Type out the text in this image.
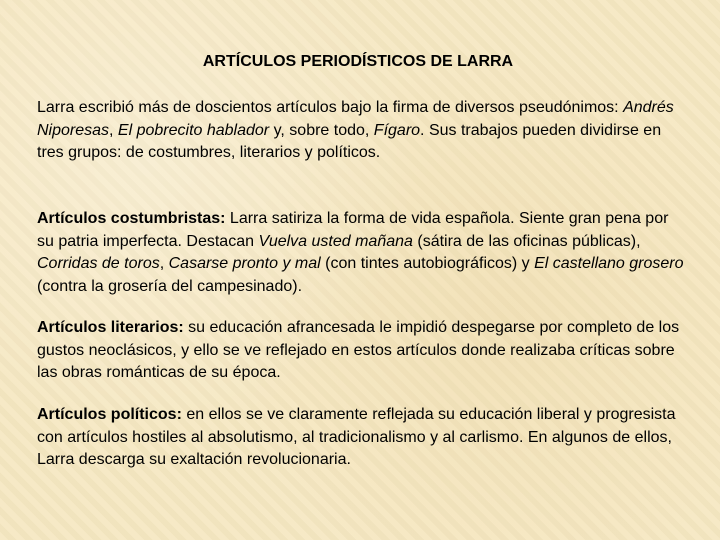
ARTÍCULOS PERIODÍSTICOS DE LARRA

Larra escribió más de doscientos artículos bajo la firma de diversos pseudónimos: Andrés Niporesas, El pobrecito hablador y, sobre todo, Fígaro. Sus trabajos pueden dividirse en tres grupos: de costumbres, literarios y políticos.

Artículos costumbristas: Larra satiriza la forma de vida española. Siente gran pena por su patria imperfecta. Destacan Vuelva usted mañana (sátira de las oficinas públicas), Corridas de toros, Casarse pronto y mal (con tintes autobiográficos) y El castellano grosero (contra la grosería del campesinado).

Artículos literarios: su educación afrancesada le impidió despegarse por completo de los gustos neoclásicos, y ello se ve reflejado en estos artículos donde realizaba críticas sobre las obras románticas de su época.

Artículos políticos: en ellos se ve claramente reflejada su educación liberal y progresista con artículos hostiles al absolutismo, al tradicionalismo y al carlismo. En algunos de ellos, Larra descarga su exaltación revolucionaria.
